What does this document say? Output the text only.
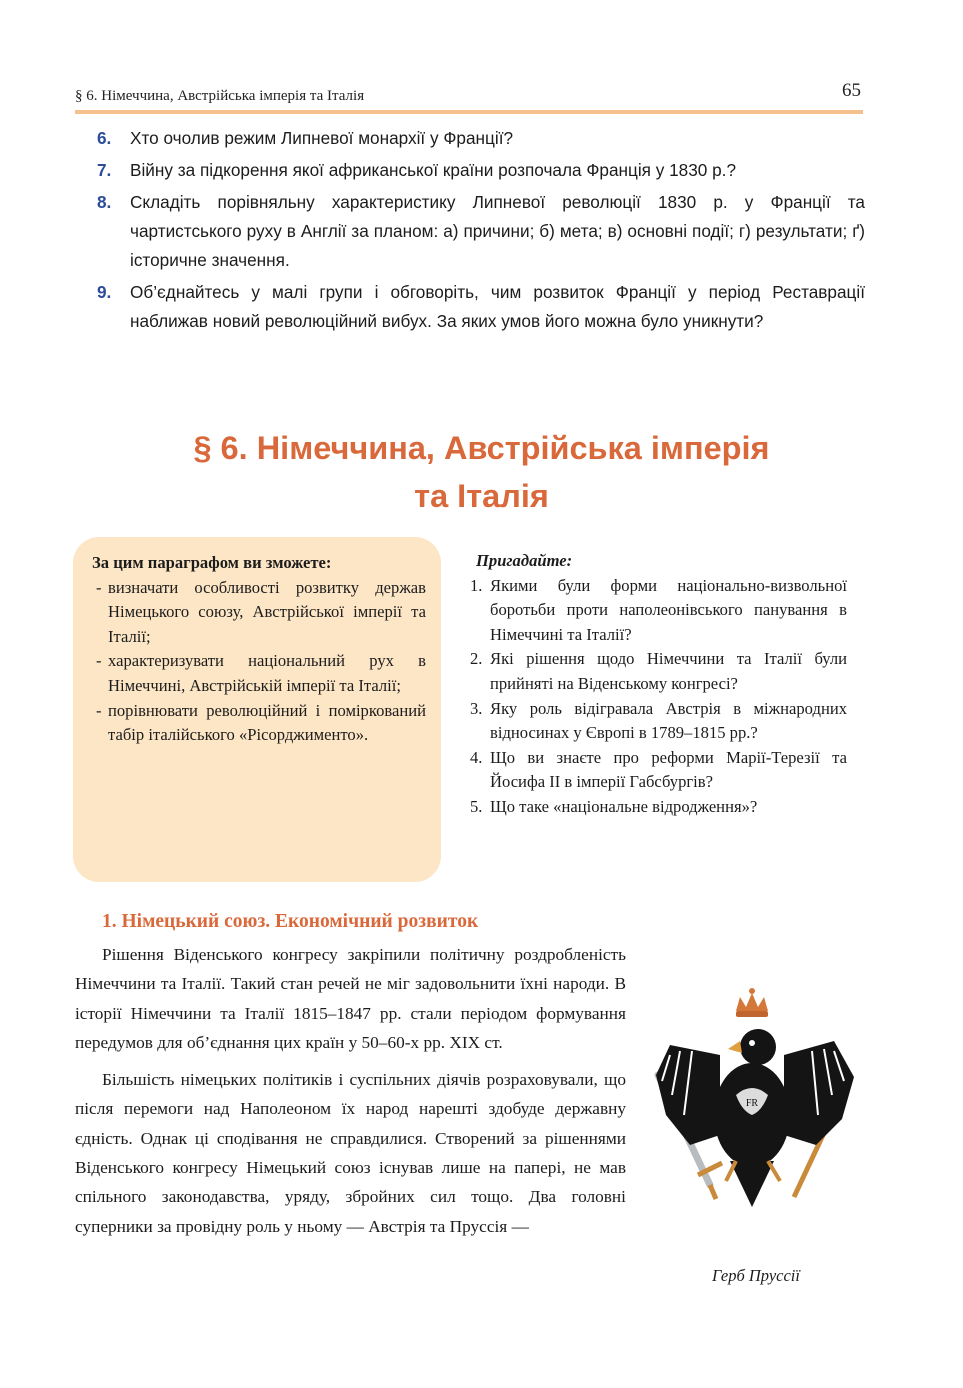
§ 6. Німеччина, Австрійська імперія та Італія	65
6. Хто очолив режим Липневої монархії у Франції?
7. Війну за підкорення якої африканської країни розпочала Франція у 1830 р.?
8. Складіть порівняльну характеристику Липневої революції 1830 р. у Франції та чартистського руху в Англії за планом: а) причини; б) мета; в) основні події; г) результати; ґ) історичне значення.
9. Об’єднайтесь у малі групи і обговоріть, чим розвиток Франції у період Реставрації наближав новий революційний вибух. За яких умов його можна було уникнути?
§ 6. Німеччина, Австрійська імперія
та Італія
За цим параграфом ви зможете:
- визначати особливості розвитку держав Німецького союзу, Австрійської імперії та Італії;
- характеризувати національний рух в Німеччині, Австрійській імперії та Італії;
- порівнювати революційний і поміркований табір італійського «Рісорджименто».
Пригадайте:
1. Якими були форми національно-визвольної боротьби проти наполеонівського панування в Німеччині та Італії?
2. Які рішення щодо Німеччини та Італії були прийняті на Віденському конгресі?
3. Яку роль відігравала Австрія в міжнародних відносинах у Європі в 1789–1815 рр.?
4. Що ви знаєте про реформи Марії-Терезії та Йосифа II в імперії Габсбургів?
5. Що таке «національне відродження»?
1. Німецький союз. Економічний розвиток

Рішення Віденського конгресу закріпили політичну роздробленість Німеччини та Італії. Такий стан речей не міг задовольнити їхні народи. В історії Німеччини та Італії 1815–1847 рр. стали періодом формування передумов для об’єднання цих країн у 50–60-х рр. XIX ст.

Більшість німецьких політиків і суспільних діячів розраховували, що після перемоги над Наполеоном їх народ нарешті здобуде державну єдність. Однак ці сподівання не справдилися. Створений за рішеннями Віденського конгресу Німецький союз існував лише на папері, не мав спільного законодавства, уряду, збройних сил тощо. Два головні суперники за провідну роль у ньому — Австрія та Пруссія —

FR
Герб Пруссії
